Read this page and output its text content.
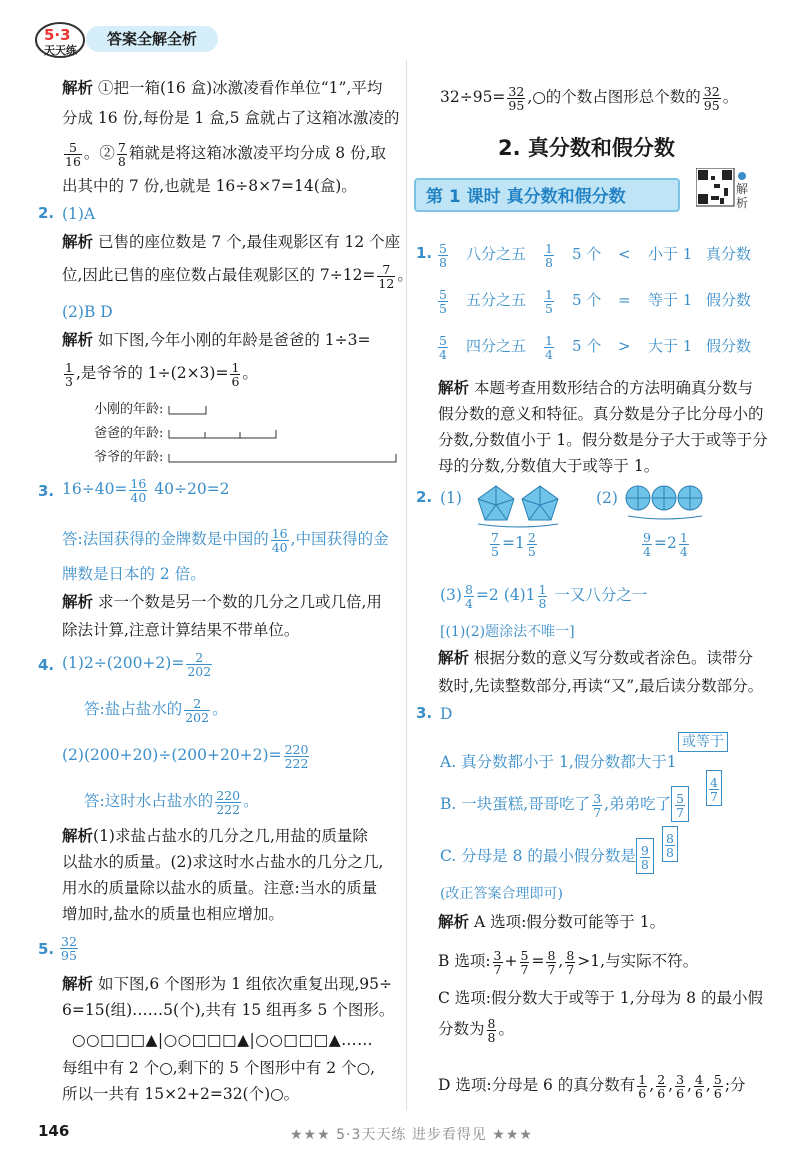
5·3
天天练
答案全解全析
解析 ①把一箱(16 盒)冰激凌看作单位“1”,平均
分成 16 份,每份是 1 盒,5 盒就占了这箱冰激凌的
$\frac{5}{16}$ 。② $\frac{7}{8}$ 箱就是将这箱冰激凌平均分成 8 份,取
出其中的 7 份,也就是 16÷8×7=14(盒)。
2. (1)A
解析 已售的座位数是 7 个,最佳观影区有 12 个座
位,因此已售的座位数占最佳观影区的 $7\div 12= \frac{7}{12}$ 。
(2)B D
解析 如下图,今年小刚的年龄是爸爸的 1÷3=
$\frac{1}{3}$ ,是爷爷的 $1\div(2\times 3)= \frac{1}{6}$ 。
小刚的年龄:
爸爸的年龄:
爷爷的年龄:
3. $16\div 40= \frac{16}{40} 40\div 20=2$
答:法国获得的金牌数是中国的 $\frac{16}{40}$ ,中国获得的金
牌数是日本的 2 倍。
解析 求一个数是另一个数的几分之几或几倍,用
除法计算,注意计算结果不带单位。
4. $(1)2\div(200+2)= \frac{2}{202}$
答:盐占盐水的 $\frac{2}{202}$ 。
$(2)(200+20)\div(200+20+2)= \frac{220}{222}$
答:这时水占盐水的 $\frac{220}{222}$ 。
解析(1)求盐占盐水的几分之几,用盐的质量除
以盐水的质量。(2)求这时水占盐水的几分之几,
用水的质量除以盐水的质量。注意:当水的质量
增加时,盐水的质量也相应增加。
5. $\frac{32}{95}$
解析 如下图,6 个图形为 1 组依次重复出现,95÷
6=15(组)……5(个),共有 15 组再多 5 个图形。
○○□□□▲|○○□□□▲|○○□□□▲……
每组中有 2 个○,剩下的 5 个图形中有 2 个○,
所以一共有 15×2+2=32(个)○。
$32\div 95= \frac{32}{95}$ ,○的个数占图形总个数的 $\frac{32}{95}$ 。
2. 真分数和假分数
第 1 课时 真分数和假分数	解析
1. $\frac{5}{8}$ 八分之五 $\frac{1}{8} 5$ 个 < 小于 1 真分数
$\frac{5}{5}$ 五分之五 $\frac{1}{5} 5$ 个 = 等于 1 假分数
$\frac{5}{4}$ 四分之五 $\frac{1}{4} 5$ 个 > 大于 1 假分数
解析 本题考查用数形结合的方法明确真分数与
假分数的意义和特征。真分数是分子比分母小的
分数,分数值小于 1。假分数是分子大于或等于分
母的分数,分数值大于或等于 1。
2. (1)
$\frac{7}{5} =1 \frac{2}{5}$
(2)
$\frac{9}{4} =2 \frac{1}{4}$
$(3) \frac{8}{4} =2$ $(4)1 \frac{1}{8}$ 一又八分之一
[(1)(2)题涂法不唯一]
解析 根据分数的意义写分数或者涂色。读带分
数时,先读整数部分,再读“又”,最后读分数部分。
3. D
A. 真分数都小于 1,假分数都大于1
或等于
B. 一块蛋糕,哥哥吃了 $\frac{3}{7}$ ,弟弟吃了 $\frac{5}{7}$
$\frac{4}{7}$
C. 分母是 8 的最小假分数是 $\frac{9}{8} \frac{8}{8}$
(改正答案合理即可)
解析 A 选项:假分数可能等于 1。
B 选项: $\frac{3}{7} + \frac{5}{7} = \frac{8}{7}$ , $\frac{8}{7} >1$,与实际不符。
C 选项:假分数大于或等于 1,分母为 8 的最小假
分数为 $\frac{8}{8}$ 。
D 选项:分母是 6 的真分数有 $\frac{1}{6}$ , $\frac{2}{6}$ , $\frac{3}{6}$ , $\frac{4}{6}$ , $\frac{5}{6}$ ;分
146	★★★ 5·3天天练 进步看得见 ★★★
